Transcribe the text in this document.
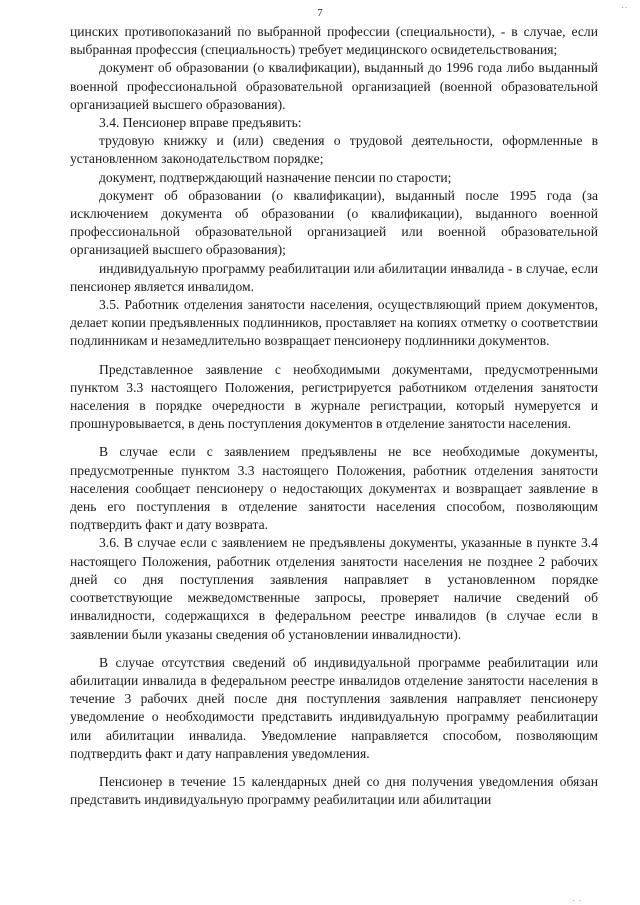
..
7

цинских противопоказаний по выбранной профессии (специальности), - в случае, если выбранная профессия (специальность) требует медицинского освидетельствования;

документ об образовании (о квалификации), выданный до 1996 года либо выданный военной профессиональной образовательной организацией (военной образовательной организацией высшего образования).

3.4. Пенсионер вправе предъявить:

трудовую книжку и (или) сведения о трудовой деятельности, оформленные в установленном законодательством порядке;

документ, подтверждающий назначение пенсии по старости;

документ об образовании (о квалификации), выданный после 1995 года (за исключением документа об образовании (о квалификации), выданного военной профессиональной образовательной организацией или военной образовательной организацией высшего образования);

индивидуальную программу реабилитации или абилитации инвалида - в случае, если пенсионер является инвалидом.

3.5. Работник отделения занятости населения, осуществляющий прием документов, делает копии предъявленных подлинников, проставляет на копиях отметку о соответствии подлинникам и незамедлительно возвращает пенсионеру подлинники документов.

Представленное заявление с необходимыми документами, предусмотренными пунктом 3.3 настоящего Положения, регистрируется работником отделения занятости населения в порядке очередности в журнале регистрации, который нумеруется и прошнуровывается, в день поступления документов в отделение занятости населения.

В случае если с заявлением предъявлены не все необходимые документы, предусмотренные пунктом 3.3 настоящего Положения, работник отделения занятости населения сообщает пенсионеру о недостающих документах и возвращает заявление в день его поступления в отделение занятости населения способом, позволяющим подтвердить факт и дату возврата.

3.6. В случае если с заявлением не предъявлены документы, указанные в пункте 3.4 настоящего Положения, работник отделения занятости населения не позднее 2 рабочих дней со дня поступления заявления направляет в установленном порядке соответствующие межведомственные запросы, проверяет наличие сведений об инвалидности, содержащихся в федеральном реестре инвалидов (в случае если в заявлении были указаны сведения об установлении инвалидности).

В случае отсутствия сведений об индивидуальной программе реабилитации или абилитации инвалида в федеральном реестре инвалидов отделение занятости населения в течение 3 рабочих дней после дня поступления заявления направляет пенсионеру уведомление о необходимости представить индивидуальную программу реабилитации или абилитации инвалида. Уведомление направляется способом, позволяющим подтвердить факт и дату направления уведомления.

Пенсионер в течение 15 календарных дней со дня получения уведомления обязан представить индивидуальную программу реабилитации или абилитации

. .
